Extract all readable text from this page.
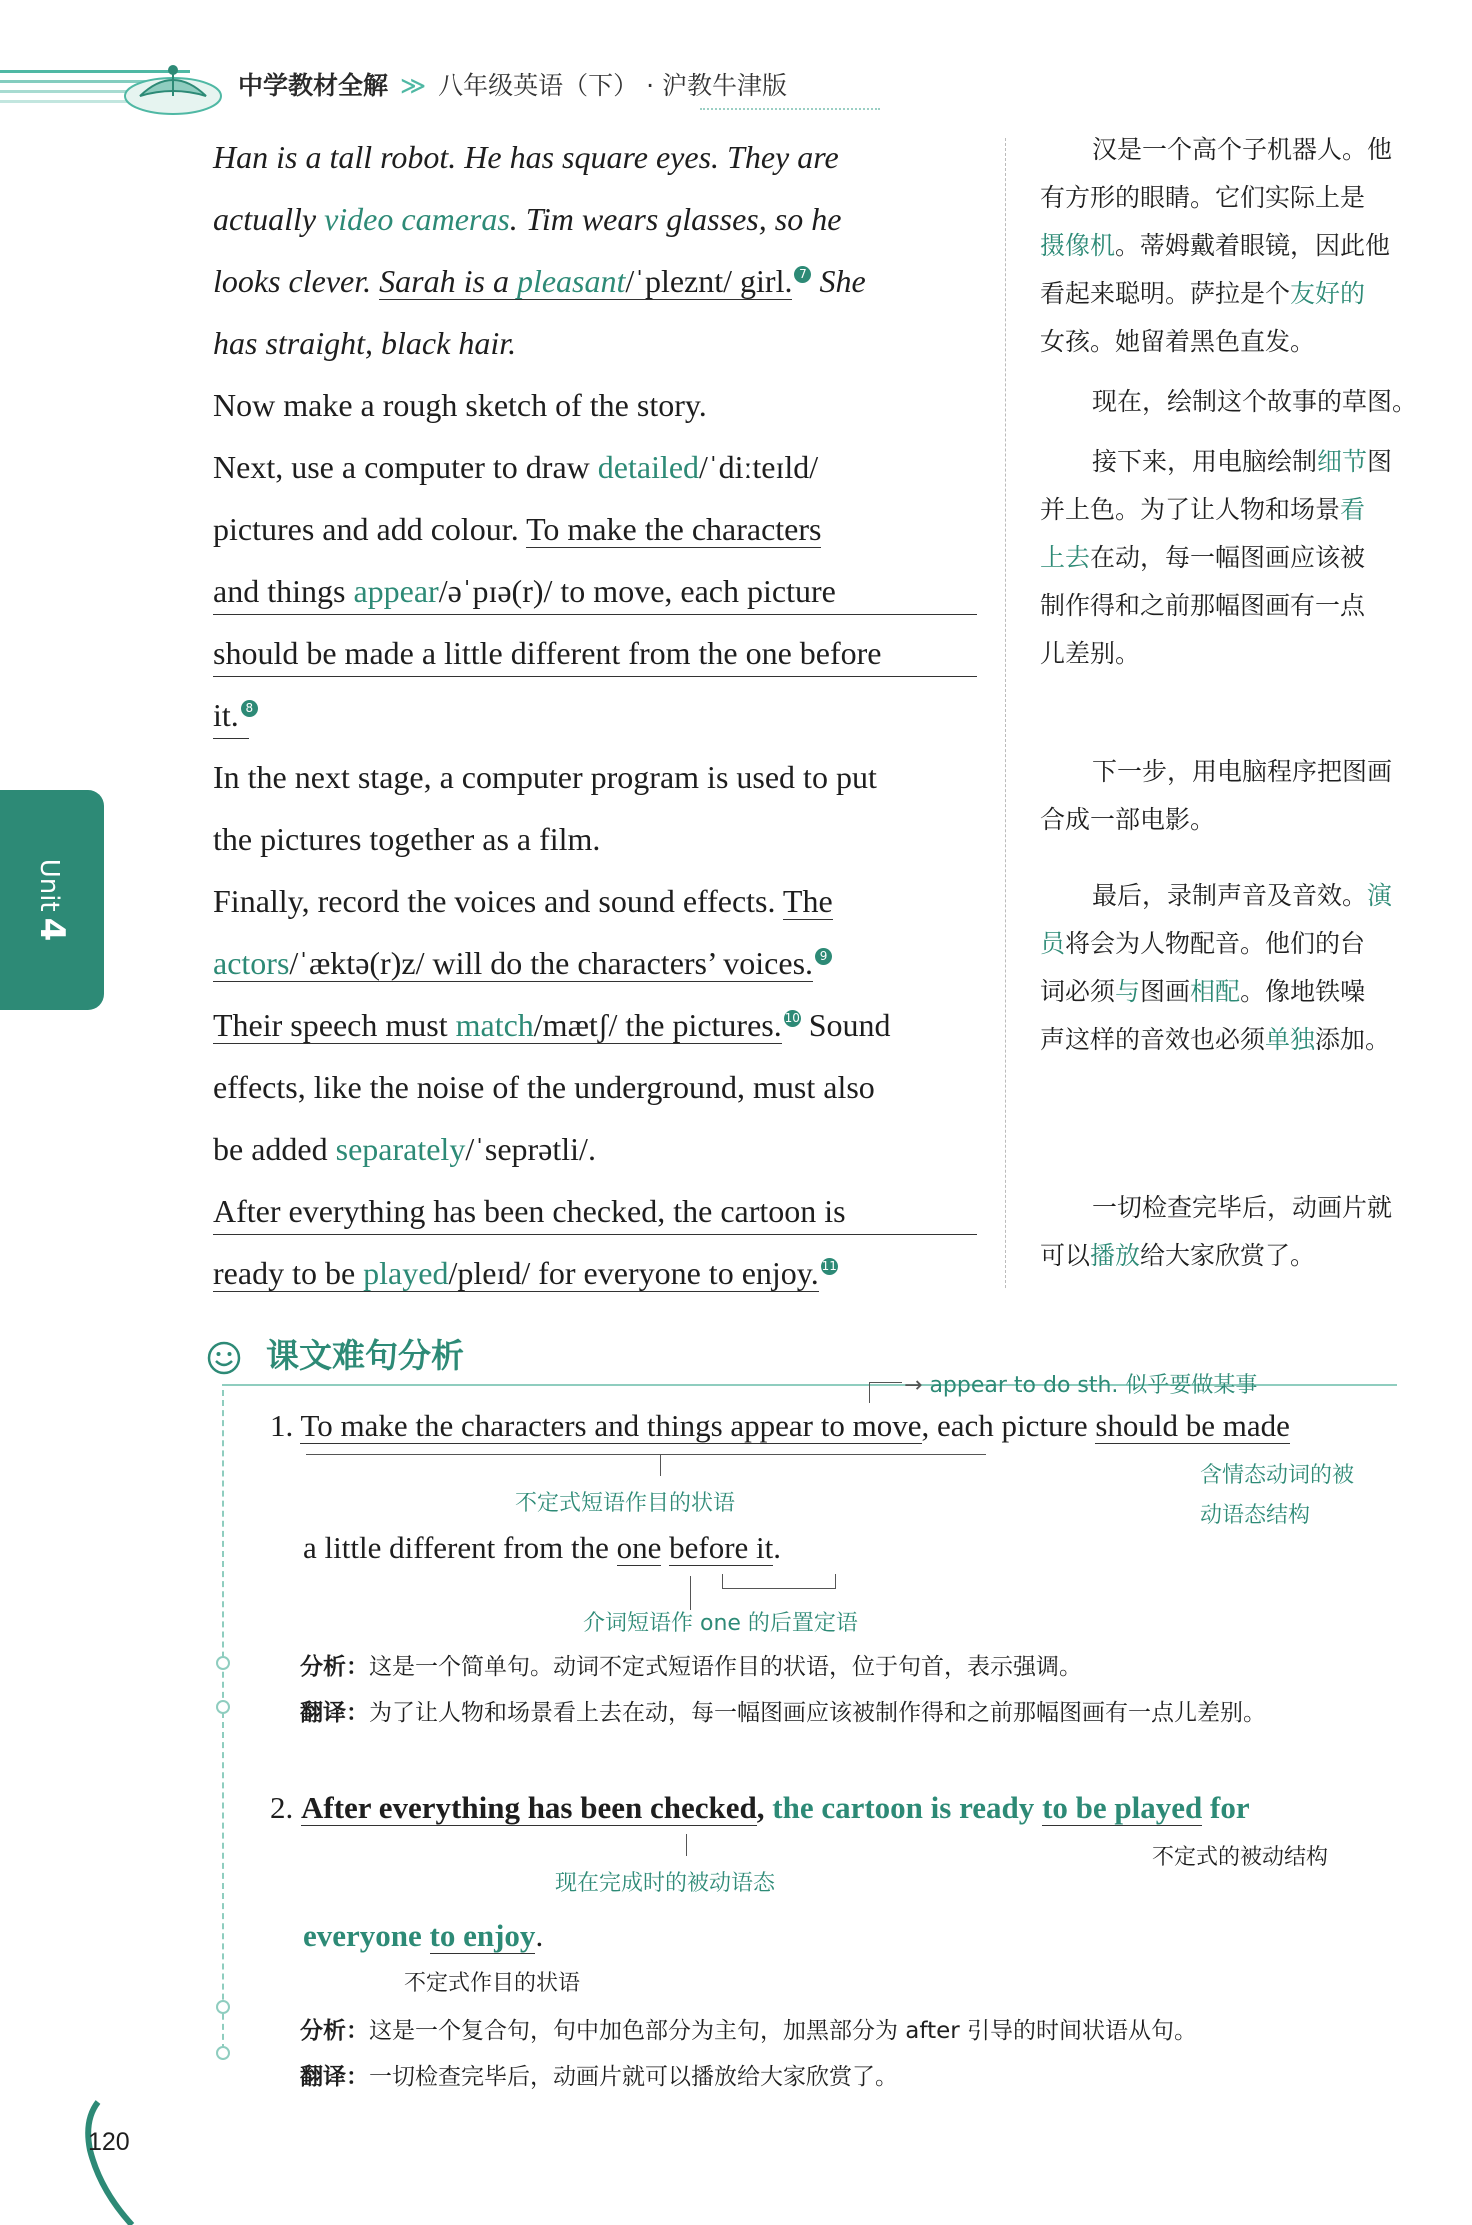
中学教材全解 ≫ 八年级英语（下） · 沪教牛津版
Unit4
Han is a tall robot. He has square eyes. They are
actually video cameras. Tim wears glasses, so he
looks clever. Sarah is a pleasant/ˈpleznt/ girl. 7 She
has straight, black hair.
Now make a rough sketch of the story.
Next, use a computer to draw detailed/ˈdiːteɪld/
pictures and add colour. To make the characters
and things appear/əˈpɪə(r)/ to move, each picture
should be made a little different from the one before
it. 8
In the next stage, a computer program is used to put
the pictures together as a film.
Finally, record the voices and sound effects. The
actors/ˈæktə(r)z/ will do the characters’ voices. 9
Their speech must match/mætʃ/ the pictures. 10 Sound
effects, like the noise of the underground, must also
be added separately/ˈseprətli/.
After everything has been checked, the cartoon is
ready to be played/pleɪd/ for everyone to enjoy. 11
汉是一个高个子机器人。他
有方形的眼睛。它们实际上是
摄像机。蒂姆戴着眼镜，因此他
看起来聪明。萨拉是个友好的
女孩。她留着黑色直发。
现在，绘制这个故事的草图。
接下来，用电脑绘制细节图
并上色。为了让人物和场景看
上去在动，每一幅图画应该被
制作得和之前那幅图画有一点
儿差别。
下一步，用电脑程序把图画
合成一部电影。
最后，录制声音及音效。演
员将会为人物配音。他们的台
词必须与图画相配。像地铁噪
声这样的音效也必须单独添加。
一切检查完毕后，动画片就
可以播放给大家欣赏了。
课文难句分析
→ appear to do sth. 似乎要做某事
1. To make the characters and things appear to move, each picture should be made
不定式短语作目的状语
含情态动词的被
动语态结构
a little different from the one before it.
介词短语作 one 的后置定语
分析：这是一个简单句。动词不定式短语作目的状语，位于句首，表示强调。
翻译：为了让人物和场景看上去在动，每一幅图画应该被制作得和之前那幅图画有一点儿差别。
2. After everything has been checked, the cartoon is ready to be played for
现在完成时的被动语态
不定式的被动结构
everyone to enjoy.
不定式作目的状语
分析：这是一个复合句，句中加色部分为主句，加黑部分为 after 引导的时间状语从句。
翻译：一切检查完毕后，动画片就可以播放给大家欣赏了。
120
